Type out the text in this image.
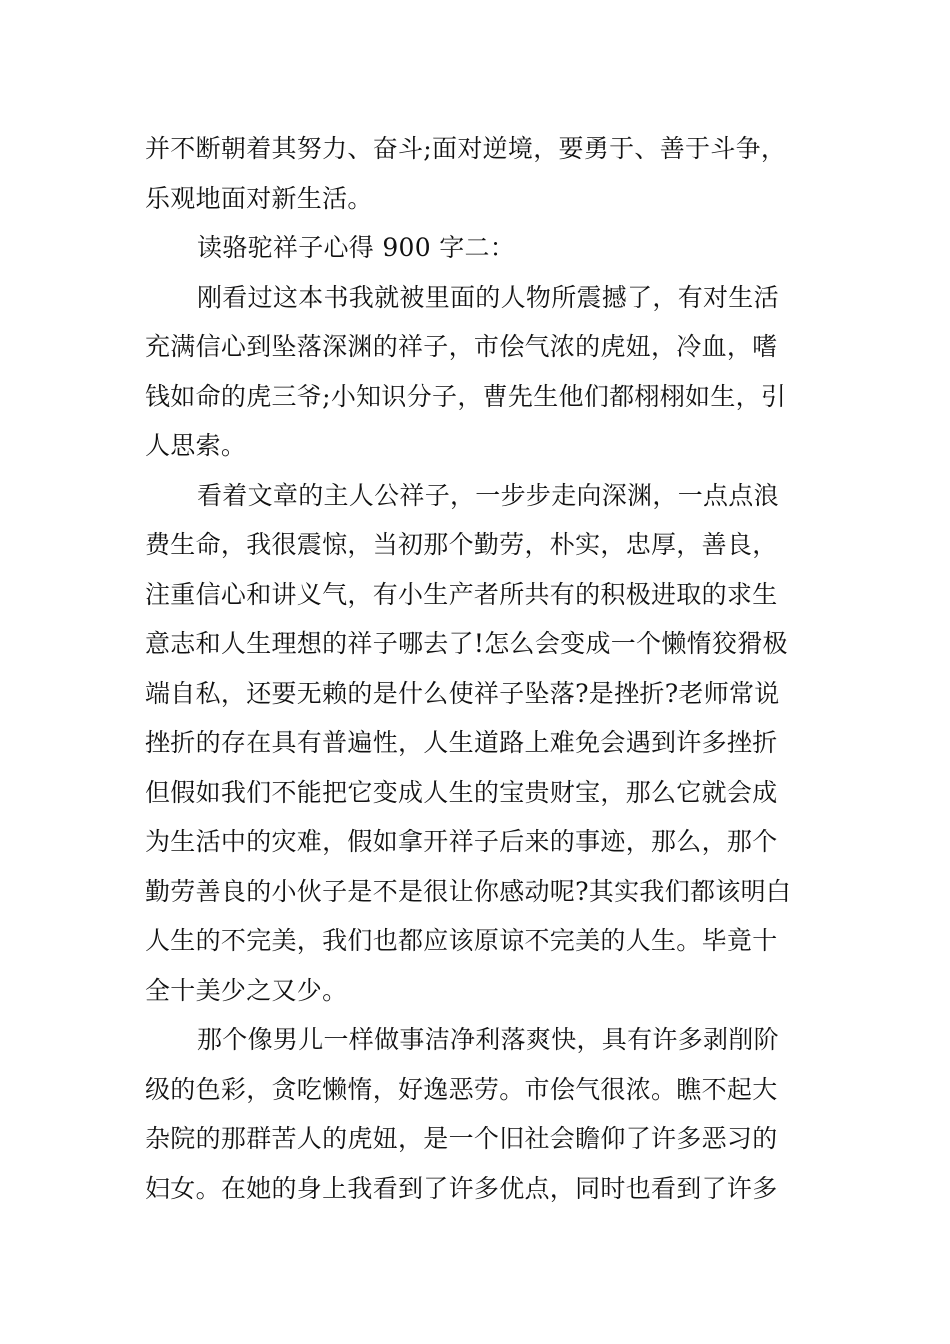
并不断朝着其努力、奋斗;面对逆境，要勇于、善于斗争，
乐观地面对新生活。
读骆驼祥子心得 900 字二：
刚看过这本书我就被里面的人物所震撼了，有对生活
充满信心到坠落深渊的祥子，市侩气浓的虎妞，冷血，嗜
钱如命的虎三爷;小知识分子，曹先生他们都栩栩如生，引
人思索。
看着文章的主人公祥子，一步步走向深渊，一点点浪
费生命，我很震惊，当初那个勤劳，朴实，忠厚，善良，
注重信心和讲义气，有小生产者所共有的积极进取的求生
意志和人生理想的祥子哪去了!怎么会变成一个懒惰狡猾极
端自私，还要无赖的是什么使祥子坠落?是挫折?老师常说
挫折的存在具有普遍性，人生道路上难免会遇到许多挫折
但假如我们不能把它变成人生的宝贵财宝，那么它就会成
为生活中的灾难，假如拿开祥子后来的事迹，那么，那个
勤劳善良的小伙子是不是很让你感动呢?其实我们都该明白
人生的不完美，我们也都应该原谅不完美的人生。毕竟十
全十美少之又少。
那个像男儿一样做事洁净利落爽快，具有许多剥削阶
级的色彩，贪吃懒惰，好逸恶劳。市侩气很浓。瞧不起大
杂院的那群苦人的虎妞，是一个旧社会瞻仰了许多恶习的
妇女。在她的身上我看到了许多优点，同时也看到了许多
